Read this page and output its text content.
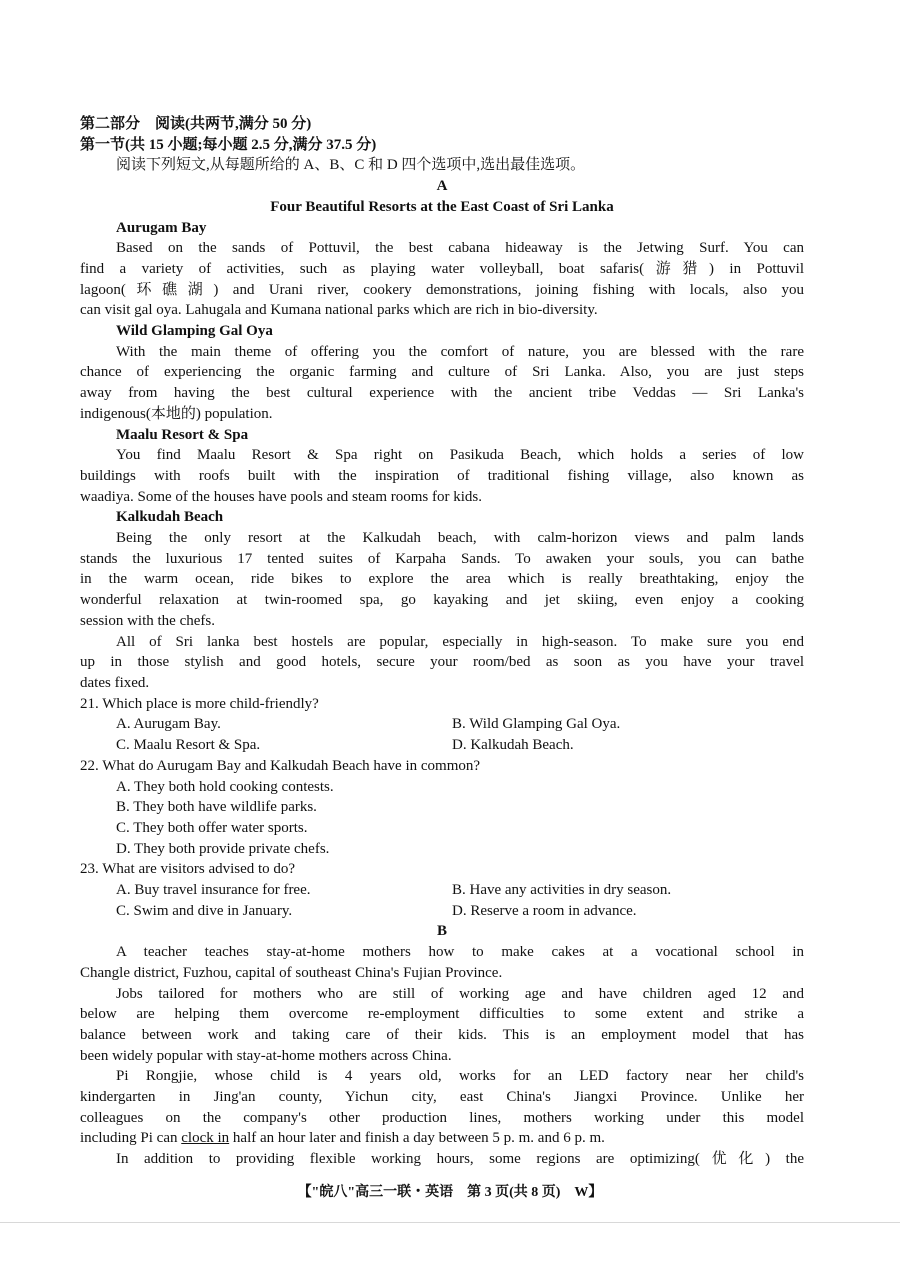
第二部分　阅读(共两节,满分 50 分)

第一节(共 15 小题;每小题 2.5 分,满分 37.5 分)

阅读下列短文,从每题所给的 A、B、C 和 D 四个选项中,选出最佳选项。

A

Four Beautiful Resorts at the East Coast of Sri Lanka

Aurugam Bay

Based on the sands of Pottuvil, the best cabana hideaway is the Jetwing Surf. You can

find a variety of activities, such as playing water volleyball, boat safaris(游猎) in Pottuvil

lagoon(环礁湖) and Urani river, cookery demonstrations, joining fishing with locals, also you

can visit gal oya. Lahugala and Kumana national parks which are rich in bio-diversity.

Wild Glamping Gal Oya

With the main theme of offering you the comfort of nature, you are blessed with the rare

chance of experiencing the organic farming and culture of Sri Lanka. Also, you are just steps

away from having the best cultural experience with the ancient tribe Veddas — Sri Lanka's

indigenous(本地的) population.

Maalu Resort & Spa

You find Maalu Resort & Spa right on Pasikuda Beach, which holds a series of low

buildings with roofs built with the inspiration of traditional fishing village, also known as

waadiya. Some of the houses have pools and steam rooms for kids.

Kalkudah Beach

Being the only resort at the Kalkudah beach, with calm-horizon views and palm lands

stands the luxurious 17 tented suites of Karpaha Sands. To awaken your souls, you can bathe

in the warm ocean, ride bikes to explore the area which is really breathtaking, enjoy the

wonderful relaxation at twin-roomed spa, go kayaking and jet skiing, even enjoy a cooking

session with the chefs.

All of Sri lanka best hostels are popular, especially in high-season. To make sure you end

up in those stylish and good hotels, secure your room/bed as soon as you have your travel

dates fixed.

21. Which place is more child-friendly?

A. Aurugam Bay.	B. Wild Glamping Gal Oya.
C. Maalu Resort & Spa.	D. Kalkudah Beach.

22. What do Aurugam Bay and Kalkudah Beach have in common?

A. They both hold cooking contests.

B. They both have wildlife parks.

C. They both offer water sports.

D. They both provide private chefs.

23. What are visitors advised to do?

A. Buy travel insurance for free.	B. Have any activities in dry season.
C. Swim and dive in January.	D. Reserve a room in advance.

B

A teacher teaches stay-at-home mothers how to make cakes at a vocational school in

Changle district, Fuzhou, capital of southeast China's Fujian Province.

Jobs tailored for mothers who are still of working age and have children aged 12 and

below are helping them overcome re-employment difficulties to some extent and strike a

balance between work and taking care of their kids. This is an employment model that has

been widely popular with stay-at-home mothers across China.

Pi Rongjie, whose child is 4 years old, works for an LED factory near her child's

kindergarten in Jing'an county, Yichun city, east China's Jiangxi Province. Unlike her

colleagues on the company's other production lines, mothers working under this model

including Pi can clock in half an hour later and finish a day between 5 p. m. and 6 p. m.

In addition to providing flexible working hours, some regions are optimizing(优化) the

【"皖八"高三一联・英语　第 3 页(共 8 页)　W】
